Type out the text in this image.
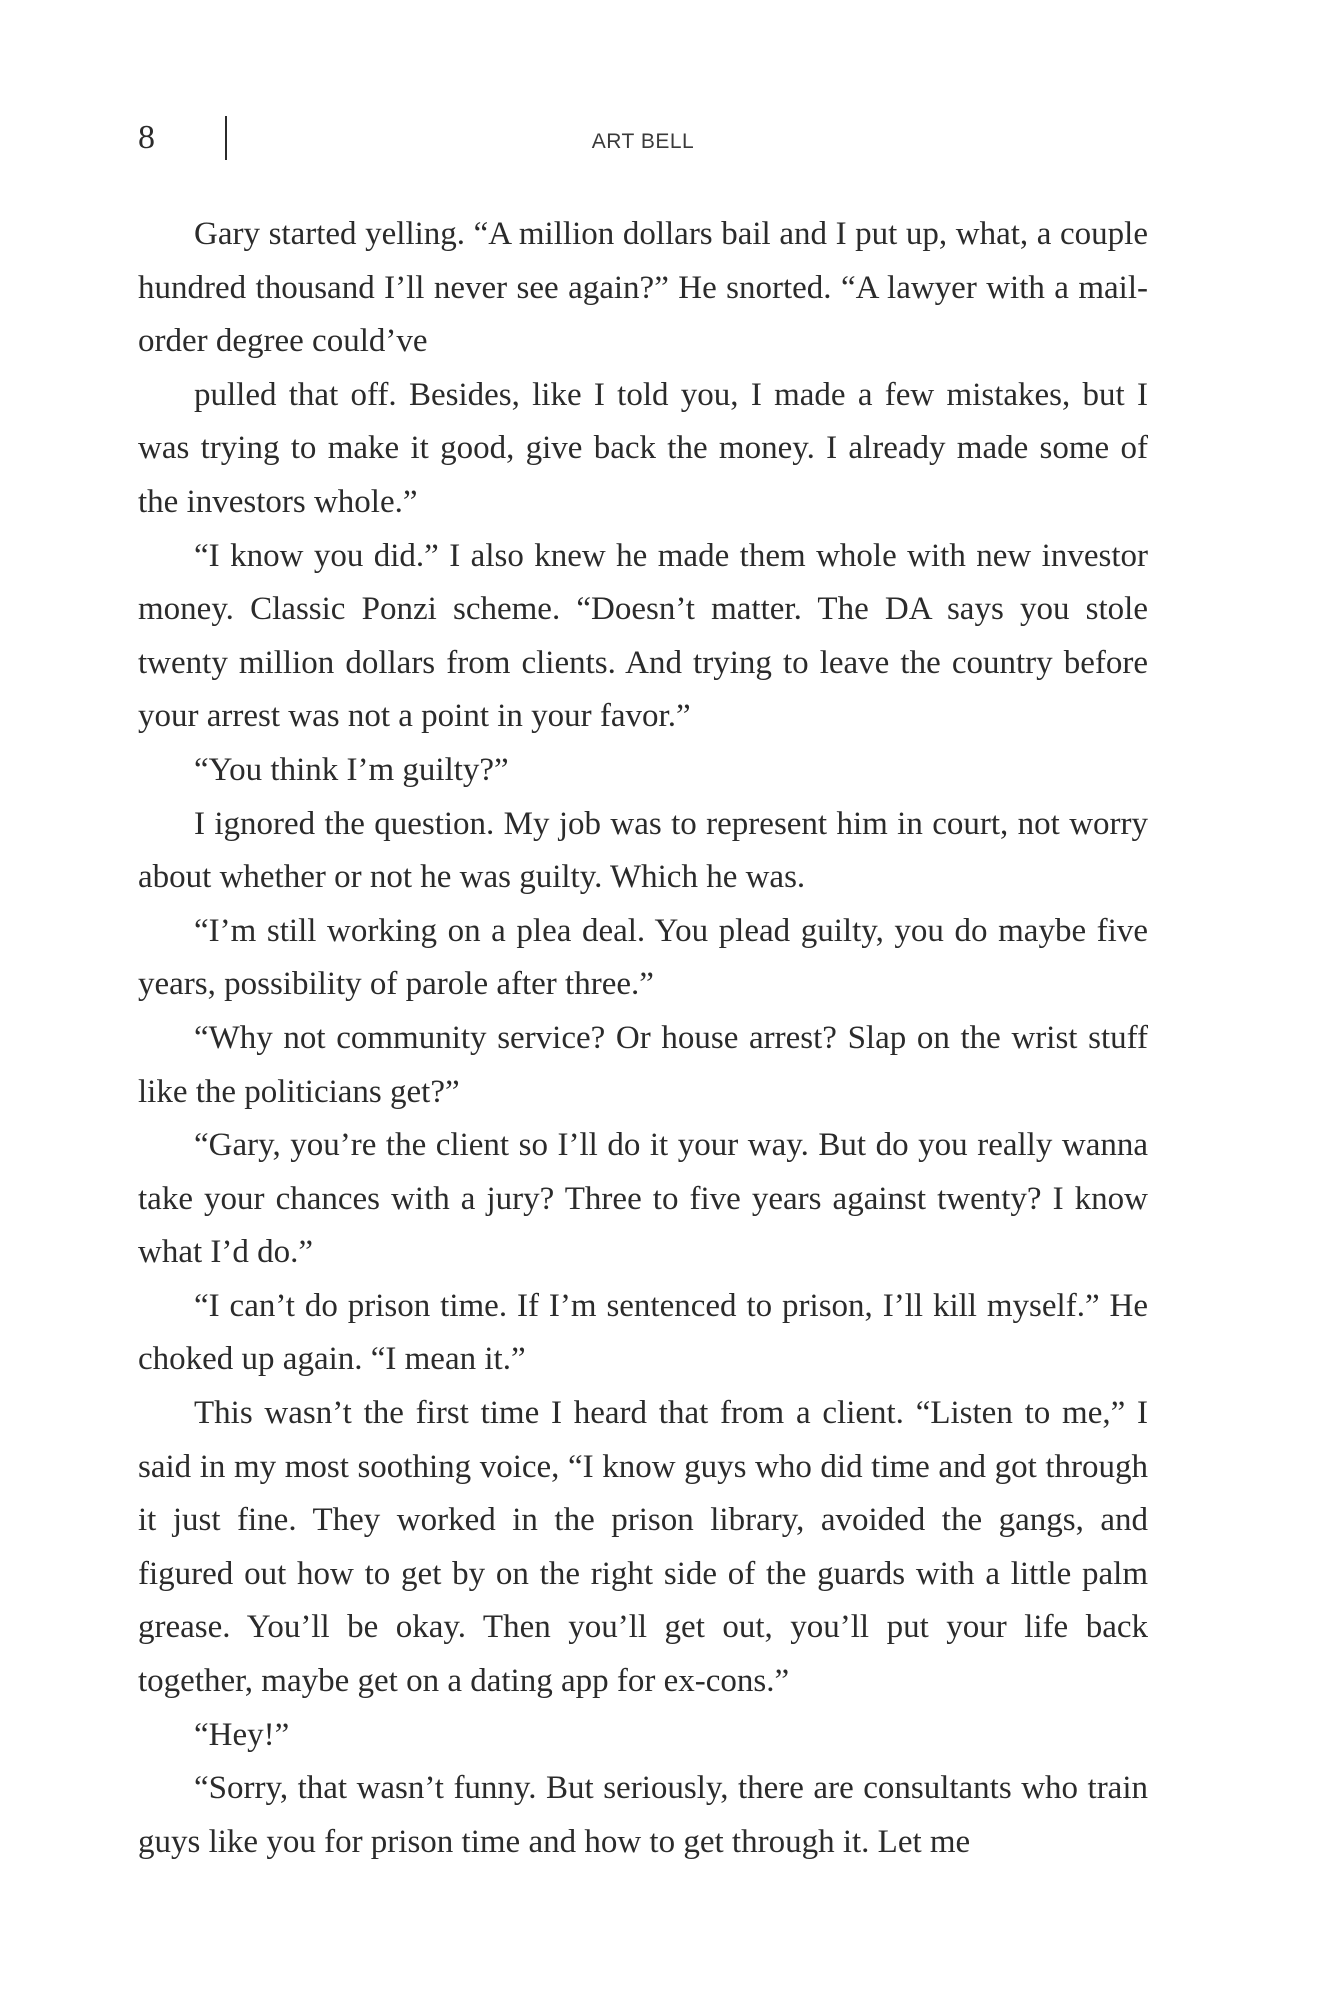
8	ART BELL

Gary started yelling. “A million dollars bail and I put up, what, a couple hundred thousand I’ll never see again?” He snorted. “A lawyer with a mail-order degree could’ve

pulled that off. Besides, like I told you, I made a few mistakes, but I was trying to make it good, give back the money. I already made some of the investors whole.”

“I know you did.” I also knew he made them whole with new investor money. Classic Ponzi scheme. “Doesn’t matter. The DA says you stole twenty million dollars from clients. And trying to leave the country before your arrest was not a point in your favor.”

“You think I’m guilty?”

I ignored the question. My job was to represent him in court, not worry about whether or not he was guilty. Which he was.

“I’m still working on a plea deal. You plead guilty, you do maybe five years, possibility of parole after three.”

“Why not community service? Or house arrest? Slap on the wrist stuff like the politicians get?”

“Gary, you’re the client so I’ll do it your way. But do you really wanna take your chances with a jury? Three to five years against twenty? I know what I’d do.”

“I can’t do prison time. If I’m sentenced to prison, I’ll kill myself.” He choked up again. “I mean it.”

This wasn’t the first time I heard that from a client. “Listen to me,” I said in my most soothing voice, “I know guys who did time and got through it just fine. They worked in the prison library, avoided the gangs, and figured out how to get by on the right side of the guards with a little palm grease. You’ll be okay. Then you’ll get out, you’ll put your life back together, maybe get on a dating app for ex-cons.”

“Hey!”

“Sorry, that wasn’t funny. But seriously, there are consultants who train guys like you for prison time and how to get through it. Let me
